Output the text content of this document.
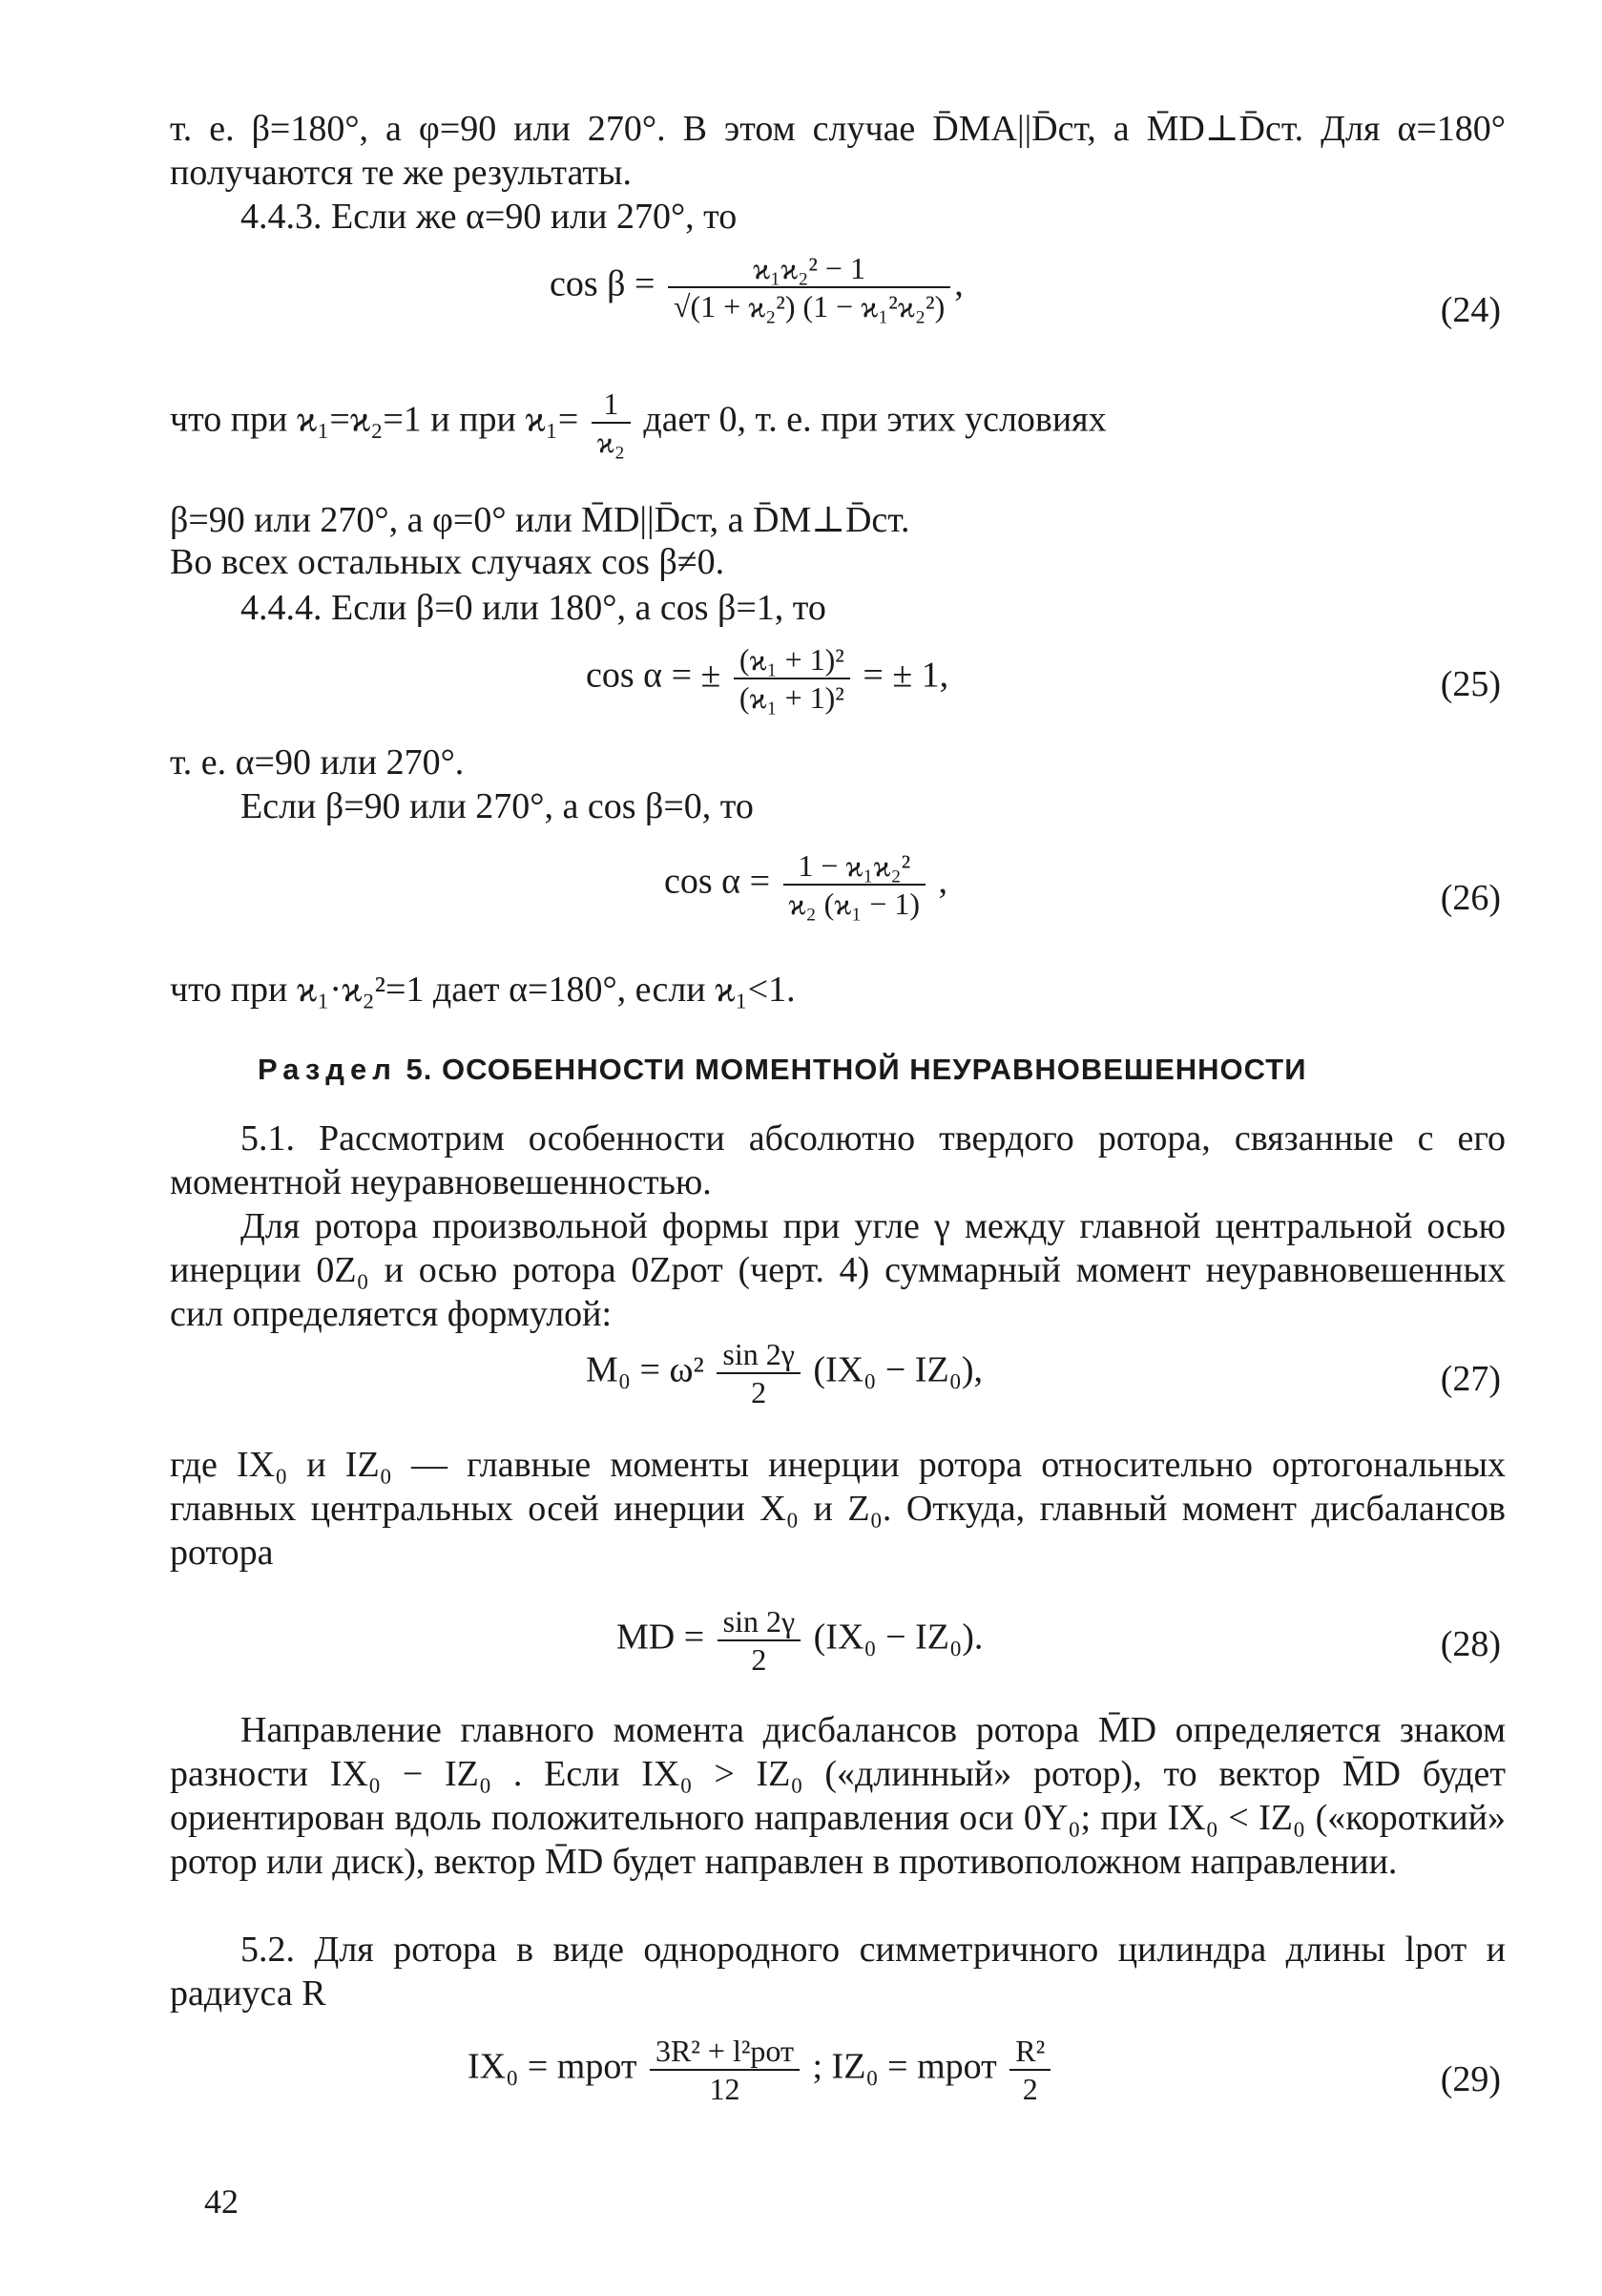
т. е. β=180°, а φ=90 или 270°. В этом случае D̄MA||D̄ст, а M̄D⊥D̄ст. Для α=180° получаются те же результаты.
4.4.3. Если же α=90 или 270°, то
$\cos \beta = \frac{\text{ϰ₁ϰ₂² − 1}}{\text{√(1 + ϰ₂²) (1 − ϰ₁²ϰ₂²)}}$ ,
(24)
что при ϰ₁=ϰ₂=1 и при $ϰ_1= \frac{1}{\text{ϰ₂}}$ дает 0, т. е. при этих условиях
β=90 или 270°, а φ=0° или M̄D||D̄ст, а D̄M⊥D̄ст.
Во всех остальных случаях cos β≠0.
4.4.4. Если β=0 или 180°, а cos β=1, то
cos α = ± $\frac{\text{(ϰ₁ + 1)²}}{\text{(ϰ₁ + 1)²}}$ = ± 1,	(25)
т. е. α=90 или 270°.
Если β=90 или 270°, а cos β=0, то
$\cos \alpha = \frac{\text{1 − ϰ₁ϰ₂²}}{\text{ϰ₂ (ϰ₁ − 1)}}$ ,	(26)
что при ϰ₁·ϰ₂²=1 дает α=180°, если ϰ₁<1.
Раздел 5. ОСОБЕННОСТИ МОМЕНТНОЙ НЕУРАВНОВЕШЕННОСТИ
5.1. Рассмотрим особенности абсолютно твердого ротора, связанные с его моментной неуравновешенностью.
Для ротора произвольной формы при угле γ между главной центральной осью инерции 0Z₀ и осью ротора 0Zрот (черт. 4) суммарный момент неуравновешенных сил определяется формулой:
$M_0 = \omega^2 \frac{\sin 2\gamma}{2} (IX_0 - IZ_0)$,	(27)
где IX₀ и IZ₀ — главные моменты инерции ротора относительно ортогональных главных центральных осей инерции X₀ и Z₀. Откуда, главный момент дисбалансов ротора
MD = $\frac{\sin 2\gamma}{2} (IX_0 - IZ_0)$.	(28)
Направление главного момента дисбалансов ротора M̄D определяется знаком разности IX₀ − IZ₀ . Если IX₀ > IZ₀ («длинный» ротор), то вектор M̄D будет ориентирован вдоль положительного направления оси 0Y₀; при IX₀ < IZ₀ («короткий» ротор или диск), вектор M̄D будет направлен в противоположном направлении.
5.2. Для ротора в виде однородного симметричного цилиндра длины lрот и радиуса R
IX₀ = mрот $\frac{\text{3R² + l²рот}}{12}$ ; IZ₀ = mрот $\frac{\text{R²}}{2}$	(29)
42
